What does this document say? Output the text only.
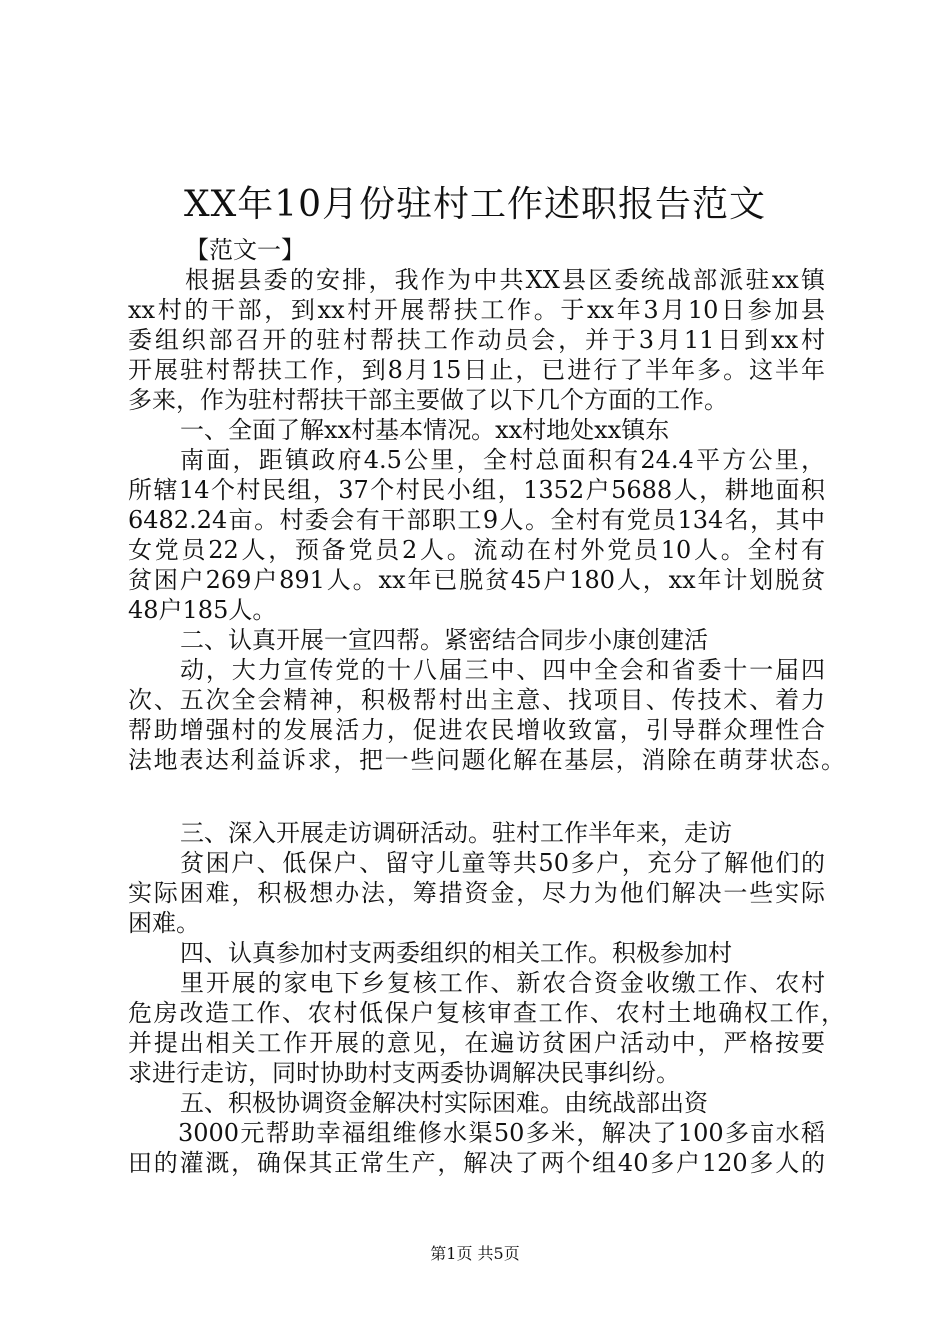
XX年10月份驻村工作述职报告范文
【范文一】
根据县委的安排，我作为中共XX县区委统战部派驻xx镇
xx村的干部，到xx村开展帮扶工作。于xx年3月10日参加县
委组织部召开的驻村帮扶工作动员会，并于3月11日到xx村
开展驻村帮扶工作，到8月15日止，已进行了半年多。这半年
多来，作为驻村帮扶干部主要做了以下几个方面的工作。
一、全面了解xx村基本情况。xx村地处xx镇东
南面，距镇政府4.5公里，全村总面积有24.4平方公里，
所辖14个村民组，37个村民小组，1352户5688人，耕地面积
6482.24亩。村委会有干部职工9人。全村有党员134名，其中
女党员22人，预备党员2人。流动在村外党员10人。全村有
贫困户269户891人。xx年已脱贫45户180人，xx年计划脱贫
48户185人。
二、认真开展一宣四帮。紧密结合同步小康创建活
动，大力宣传党的十八届三中、四中全会和省委十一届四
次、五次全会精神，积极帮村出主意、找项目、传技术、着力
帮助增强村的发展活力，促进农民增收致富，引导群众理性合
法地表达利益诉求，把一些问题化解在基层，消除在萌芽状态。
三、深入开展走访调研活动。驻村工作半年来，走访
贫困户、低保户、留守儿童等共50多户，充分了解他们的
实际困难，积极想办法，筹措资金，尽力为他们解决一些实际
困难。
四、认真参加村支两委组织的相关工作。积极参加村
里开展的家电下乡复核工作、新农合资金收缴工作、农村
危房改造工作、农村低保户复核审查工作、农村土地确权工作，
并提出相关工作开展的意见，在遍访贫困户活动中，严格按要
求进行走访，同时协助村支两委协调解决民事纠纷。
五、积极协调资金解决村实际困难。由统战部出资
3000元帮助幸福组维修水渠50多米，解决了100多亩水稻
田的灌溉，确保其正常生产，解决了两个组40多户120多人的
第1页 共5页
